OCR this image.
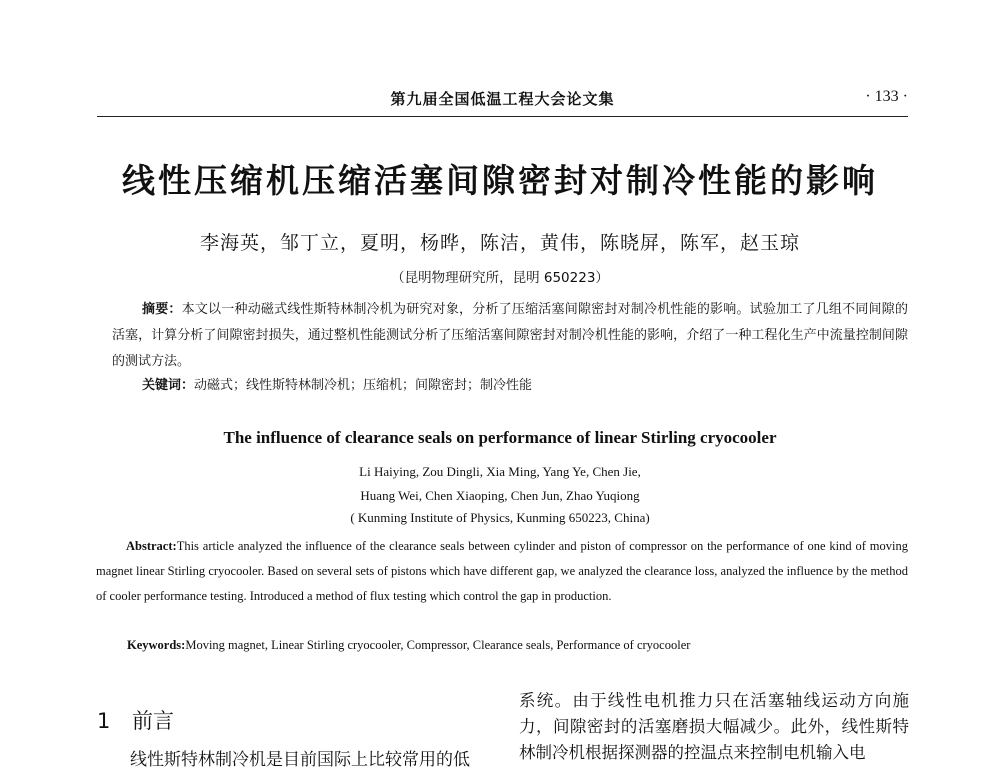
第九届全国低温工程大会论文集	· 133 ·
线性压缩机压缩活塞间隙密封对制冷性能的影响
李海英，邹丁立，夏明，杨晔，陈洁，黄伟，陈晓屏，陈军，赵玉琼
（昆明物理研究所，昆明 650223）
摘要：本文以一种动磁式线性斯特林制冷机为研究对象，分析了压缩活塞间隙密封对制冷机性能的影响。试验加工了几组不同间隙的活塞，计算分析了间隙密封损失，通过整机性能测试分析了压缩活塞间隙密封对制冷机性能的影响，介绍了一种工程化生产中流量控制间隙的测试方法。
关键词：动磁式；线性斯特林制冷机；压缩机；间隙密封；制冷性能
The influence of clearance seals on performance of linear Stirling cryocooler
Li Haiying, Zou Dingli, Xia Ming, Yang Ye, Chen Jie,
Huang Wei, Chen Xiaoping, Chen Jun, Zhao Yuqiong
( Kunming Institute of Physics, Kunming 650223, China)
Abstract:This article analyzed the influence of the clearance seals between cylinder and piston of compressor on the performance of one kind of moving magnet linear Stirling cryocooler. Based on several sets of pistons which have different gap, we analyzed the clearance loss, analyzed the influence by the method of cooler performance testing. Introduced a method of flux testing which control the gap in production.
Keywords:Moving magnet, Linear Stirling cryocooler, Compressor, Clearance seals, Performance of cryocooler
1 前言
线性斯特林制冷机是目前国际上比较常用的低
系统。由于线性电机推力只在活塞轴线运动方向施力，间隙密封的活塞磨损大幅减少。此外，线性斯特林制冷机根据探测器的控温点来控制电机输入电
